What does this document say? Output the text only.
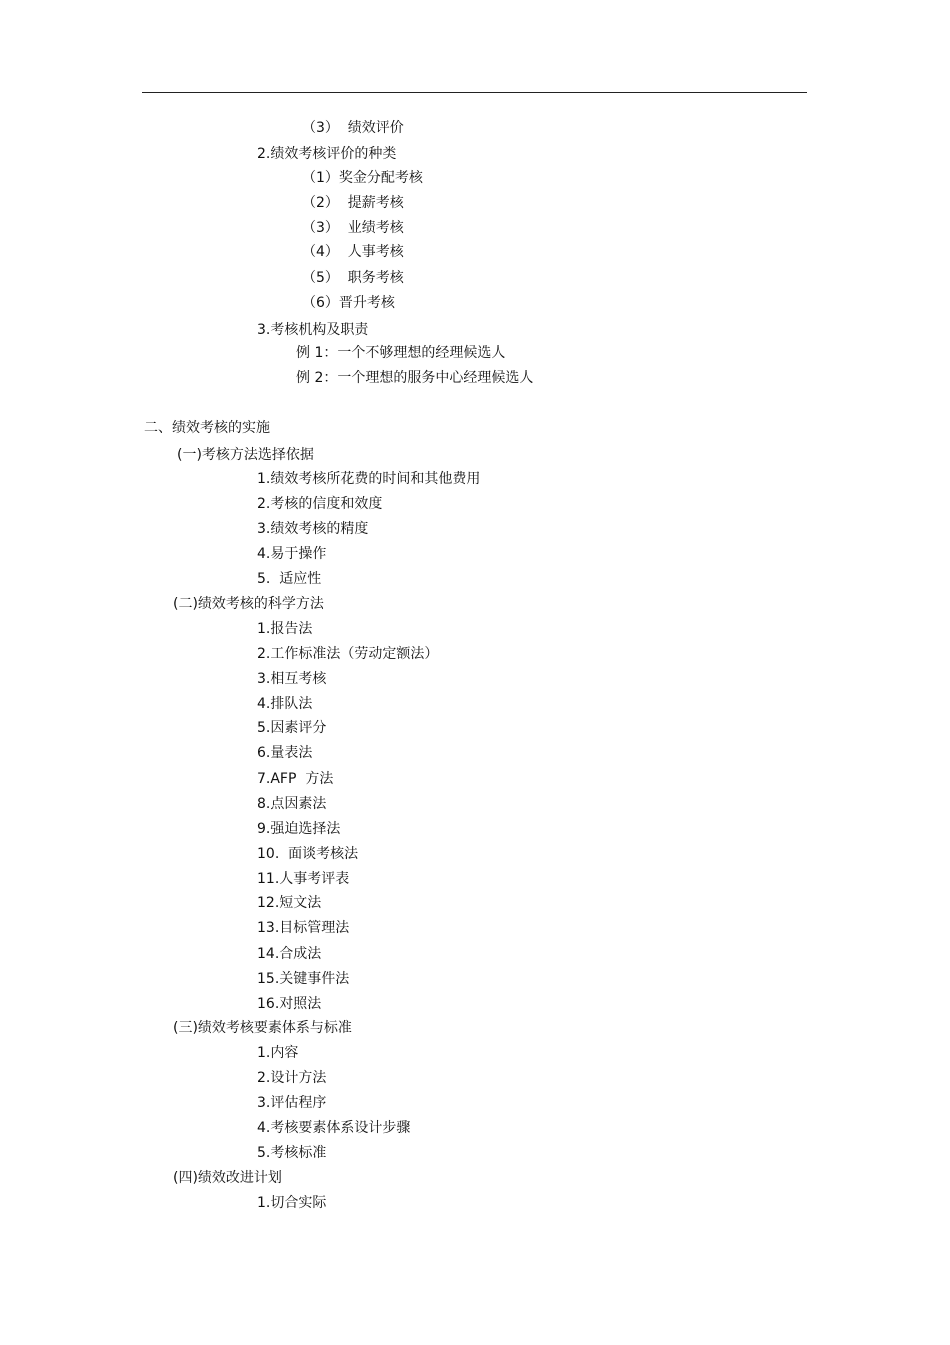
（3）  绩效评价
2.绩效考核评价的种类
（1）奖金分配考核
（2）  提薪考核
（3）  业绩考核
（4）  人事考核
（5）  职务考核
（6）晋升考核
3.考核机构及职责
例 1：一个不够理想的经理候选人
例 2：一个理想的服务中心经理候选人
二、绩效考核的实施
(一)考核方法选择依据
1.绩效考核所花费的时间和其他费用
2.考核的信度和效度
3.绩效考核的精度
4.易于操作
5.  适应性
(二)绩效考核的科学方法
1.报告法
2.工作标准法（劳动定额法）
3.相互考核
4.排队法
5.因素评分
6.量表法
7.AFP  方法
8.点因素法
9.强迫选择法
10.  面谈考核法
11.人事考评表
12.短文法
13.目标管理法
14.合成法
15.关键事件法
16.对照法
(三)绩效考核要素体系与标准
1.内容
2.设计方法
3.评估程序
4.考核要素体系设计步骤
5.考核标准
(四)绩效改进计划
1.切合实际
